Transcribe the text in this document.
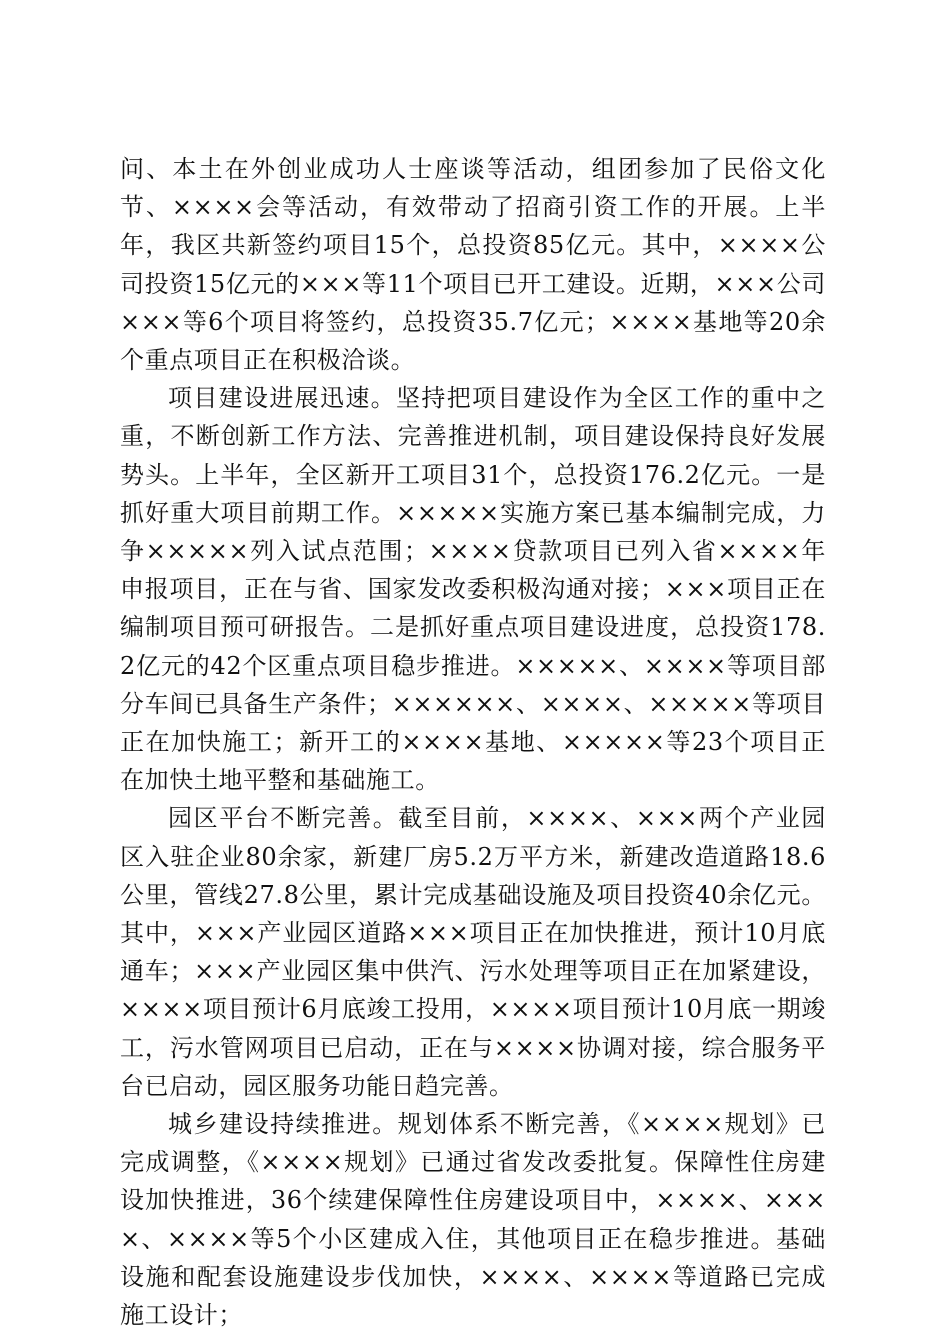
问、本土在外创业成功人士座谈等活动，组团参加了民俗文化节、××××会等活动，有效带动了招商引资工作的开展。上半年，我区共新签约项目15个，总投资85亿元。其中，××××公司投资15亿元的×××等11个项目已开工建设。近期，×××公司×××等6个项目将签约，总投资35.7亿元；××××基地等20余个重点项目正在积极洽谈。

项目建设进展迅速。坚持把项目建设作为全区工作的重中之重，不断创新工作方法、完善推进机制，项目建设保持良好发展势头。上半年，全区新开工项目31个，总投资176.2亿元。一是抓好重大项目前期工作。×××××实施方案已基本编制完成，力争×××××列入试点范围；××××贷款项目已列入省××××年申报项目，正在与省、国家发改委积极沟通对接；×××项目正在编制项目预可研报告。二是抓好重点项目建设进度，总投资178.2亿元的42个区重点项目稳步推进。×××××、××××等项目部分车间已具备生产条件；××××××、××××、×××××等项目正在加快施工；新开工的××××基地、×××××等23个项目正在加快土地平整和基础施工。

园区平台不断完善。截至目前，××××、×××两个产业园区入驻企业80余家，新建厂房5.2万平方米，新建改造道路18.6公里，管线27.8公里，累计完成基础设施及项目投资40余亿元。其中，×××产业园区道路×××项目正在加快推进，预计10月底通车；×××产业园区集中供汽、污水处理等项目正在加紧建设，××××项目预计6月底竣工投用，××××项目预计10月底一期竣工，污水管网项目已启动，正在与××××协调对接，综合服务平台已启动，园区服务功能日趋完善。

城乡建设持续推进。规划体系不断完善，《××××规划》已完成调整，《××××规划》已通过省发改委批复。保障性住房建设加快推进，36个续建保障性住房建设项目中，××××、××××、××××等5个小区建成入住，其他项目正在稳步推进。基础设施和配套设施建设步伐加快，××××、××××等道路已完成施工设计；
